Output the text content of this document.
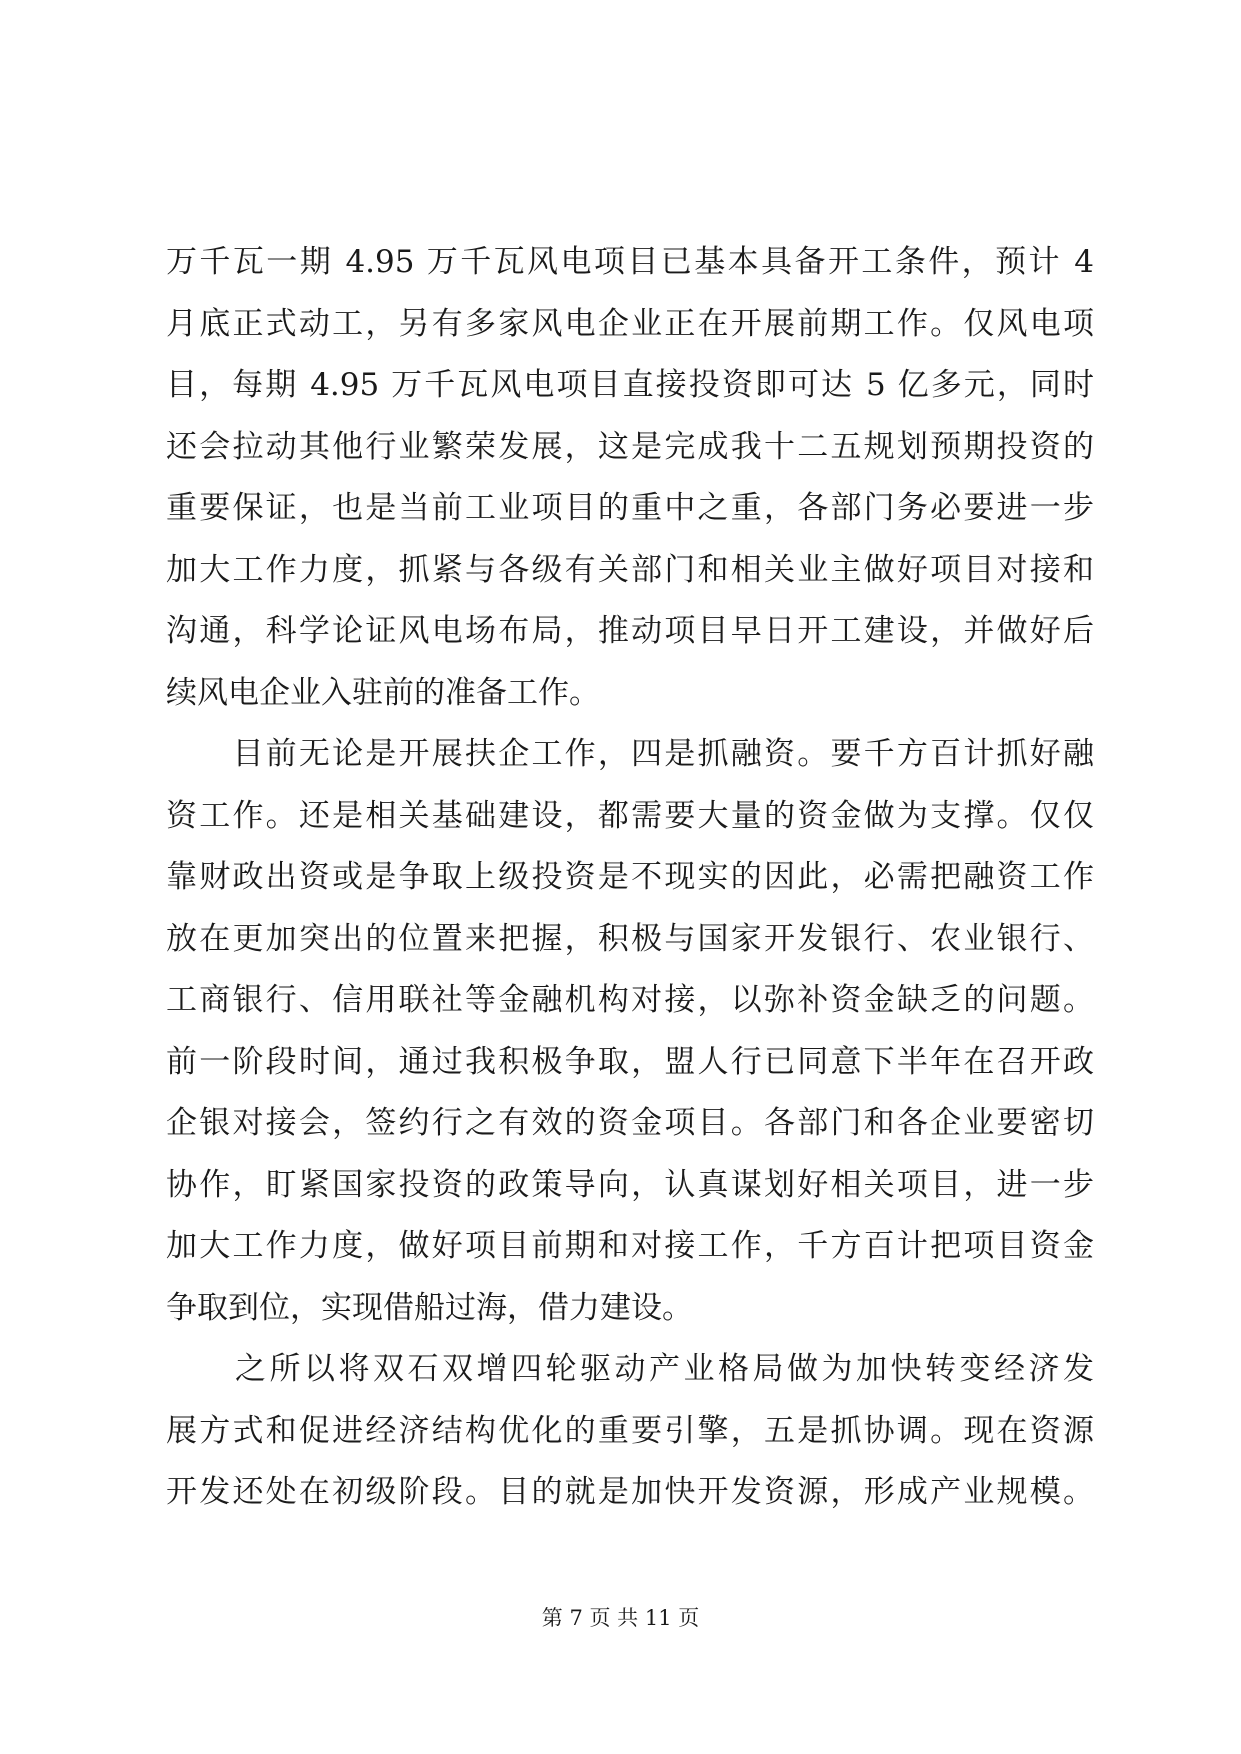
万千瓦一期 4.95 万千瓦风电项目已基本具备开工条件，预计 4
月底正式动工，另有多家风电企业正在开展前期工作。仅风电项
目，每期 4.95 万千瓦风电项目直接投资即可达 5 亿多元，同时
还会拉动其他行业繁荣发展，这是完成我十二五规划预期投资的
重要保证，也是当前工业项目的重中之重，各部门务必要进一步
加大工作力度，抓紧与各级有关部门和相关业主做好项目对接和
沟通，科学论证风电场布局，推动项目早日开工建设，并做好后
续风电企业入驻前的准备工作。
　　目前无论是开展扶企工作，四是抓融资。要千方百计抓好融
资工作。还是相关基础建设，都需要大量的资金做为支撑。仅仅
靠财政出资或是争取上级投资是不现实的因此，必需把融资工作
放在更加突出的位置来把握，积极与国家开发银行、农业银行、
工商银行、信用联社等金融机构对接，以弥补资金缺乏的问题。
前一阶段时间，通过我积极争取，盟人行已同意下半年在召开政
企银对接会，签约行之有效的资金项目。各部门和各企业要密切
协作，盯紧国家投资的政策导向，认真谋划好相关项目，进一步
加大工作力度，做好项目前期和对接工作，千方百计把项目资金
争取到位，实现借船过海，借力建设。
　　之所以将双石双增四轮驱动产业格局做为加快转变经济发
展方式和促进经济结构优化的重要引擎，五是抓协调。现在资源
开发还处在初级阶段。目的就是加快开发资源，形成产业规模。
第 7 页 共 11 页
